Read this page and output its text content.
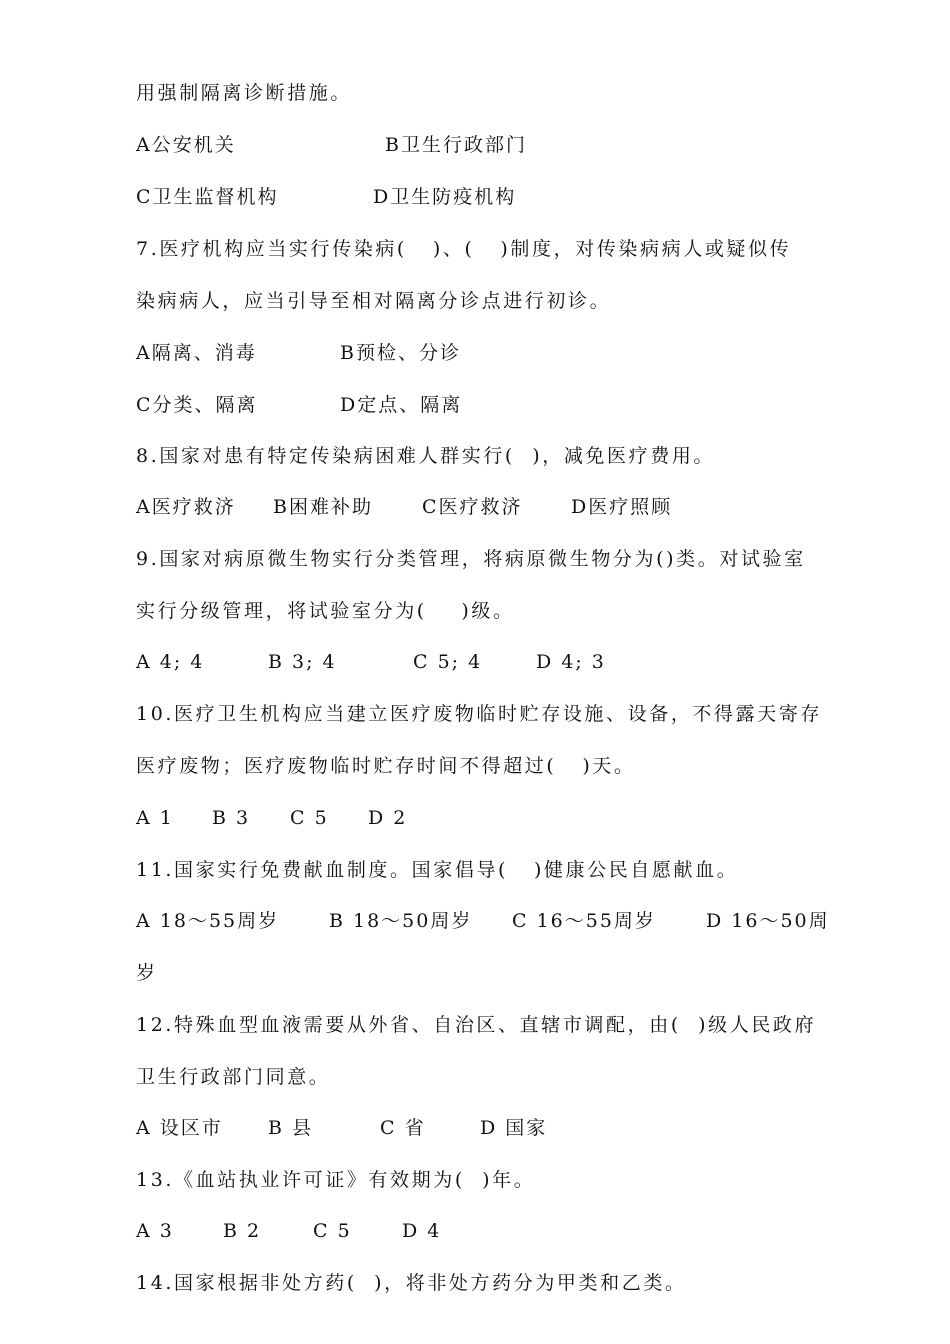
用强制隔离诊断措施。
A公安机关	B卫生行政部门
C卫生监督机构	D卫生防疫机构
7.医疗机构应当实行传染病(   )、(   )制度，对传染病病人或疑似传
染病病人，应当引导至相对隔离分诊点进行初诊。
A隔离、消毒	B预检、分诊
C分类、隔离	D定点、隔离
8.国家对患有特定传染病困难人群实行(  )，减免医疗费用。
A医疗救济 B困难补助	C医疗救济	D医疗照顾
9.国家对病原微生物实行分类管理，将病原微生物分为()类。对试验室
实行分级管理，将试验室分为(    )级。
A 4; 4	B 3; 4	C 5; 4	D 4; 3
10.医疗卫生机构应当建立医疗废物临时贮存设施、设备，不得露天寄存
医疗废物；医疗废物临时贮存时间不得超过(   )天。
A 1 B 3 C 5 D 2
11.国家实行免费献血制度。国家倡导(   )健康公民自愿献血。
A 18～55周岁	B 18～50周岁 C 16～55周岁	D 16～50周
岁
12.特殊血型血液需要从外省、自治区、直辖市调配，由(  )级人民政府
卫生行政部门同意。
A 设区市 B 县	C 省	D 国家
13.《血站执业许可证》有效期为(  )年。
A 3	B 2	C 5	D 4
14.国家根据非处方药(  )，将非处方药分为甲类和乙类。
